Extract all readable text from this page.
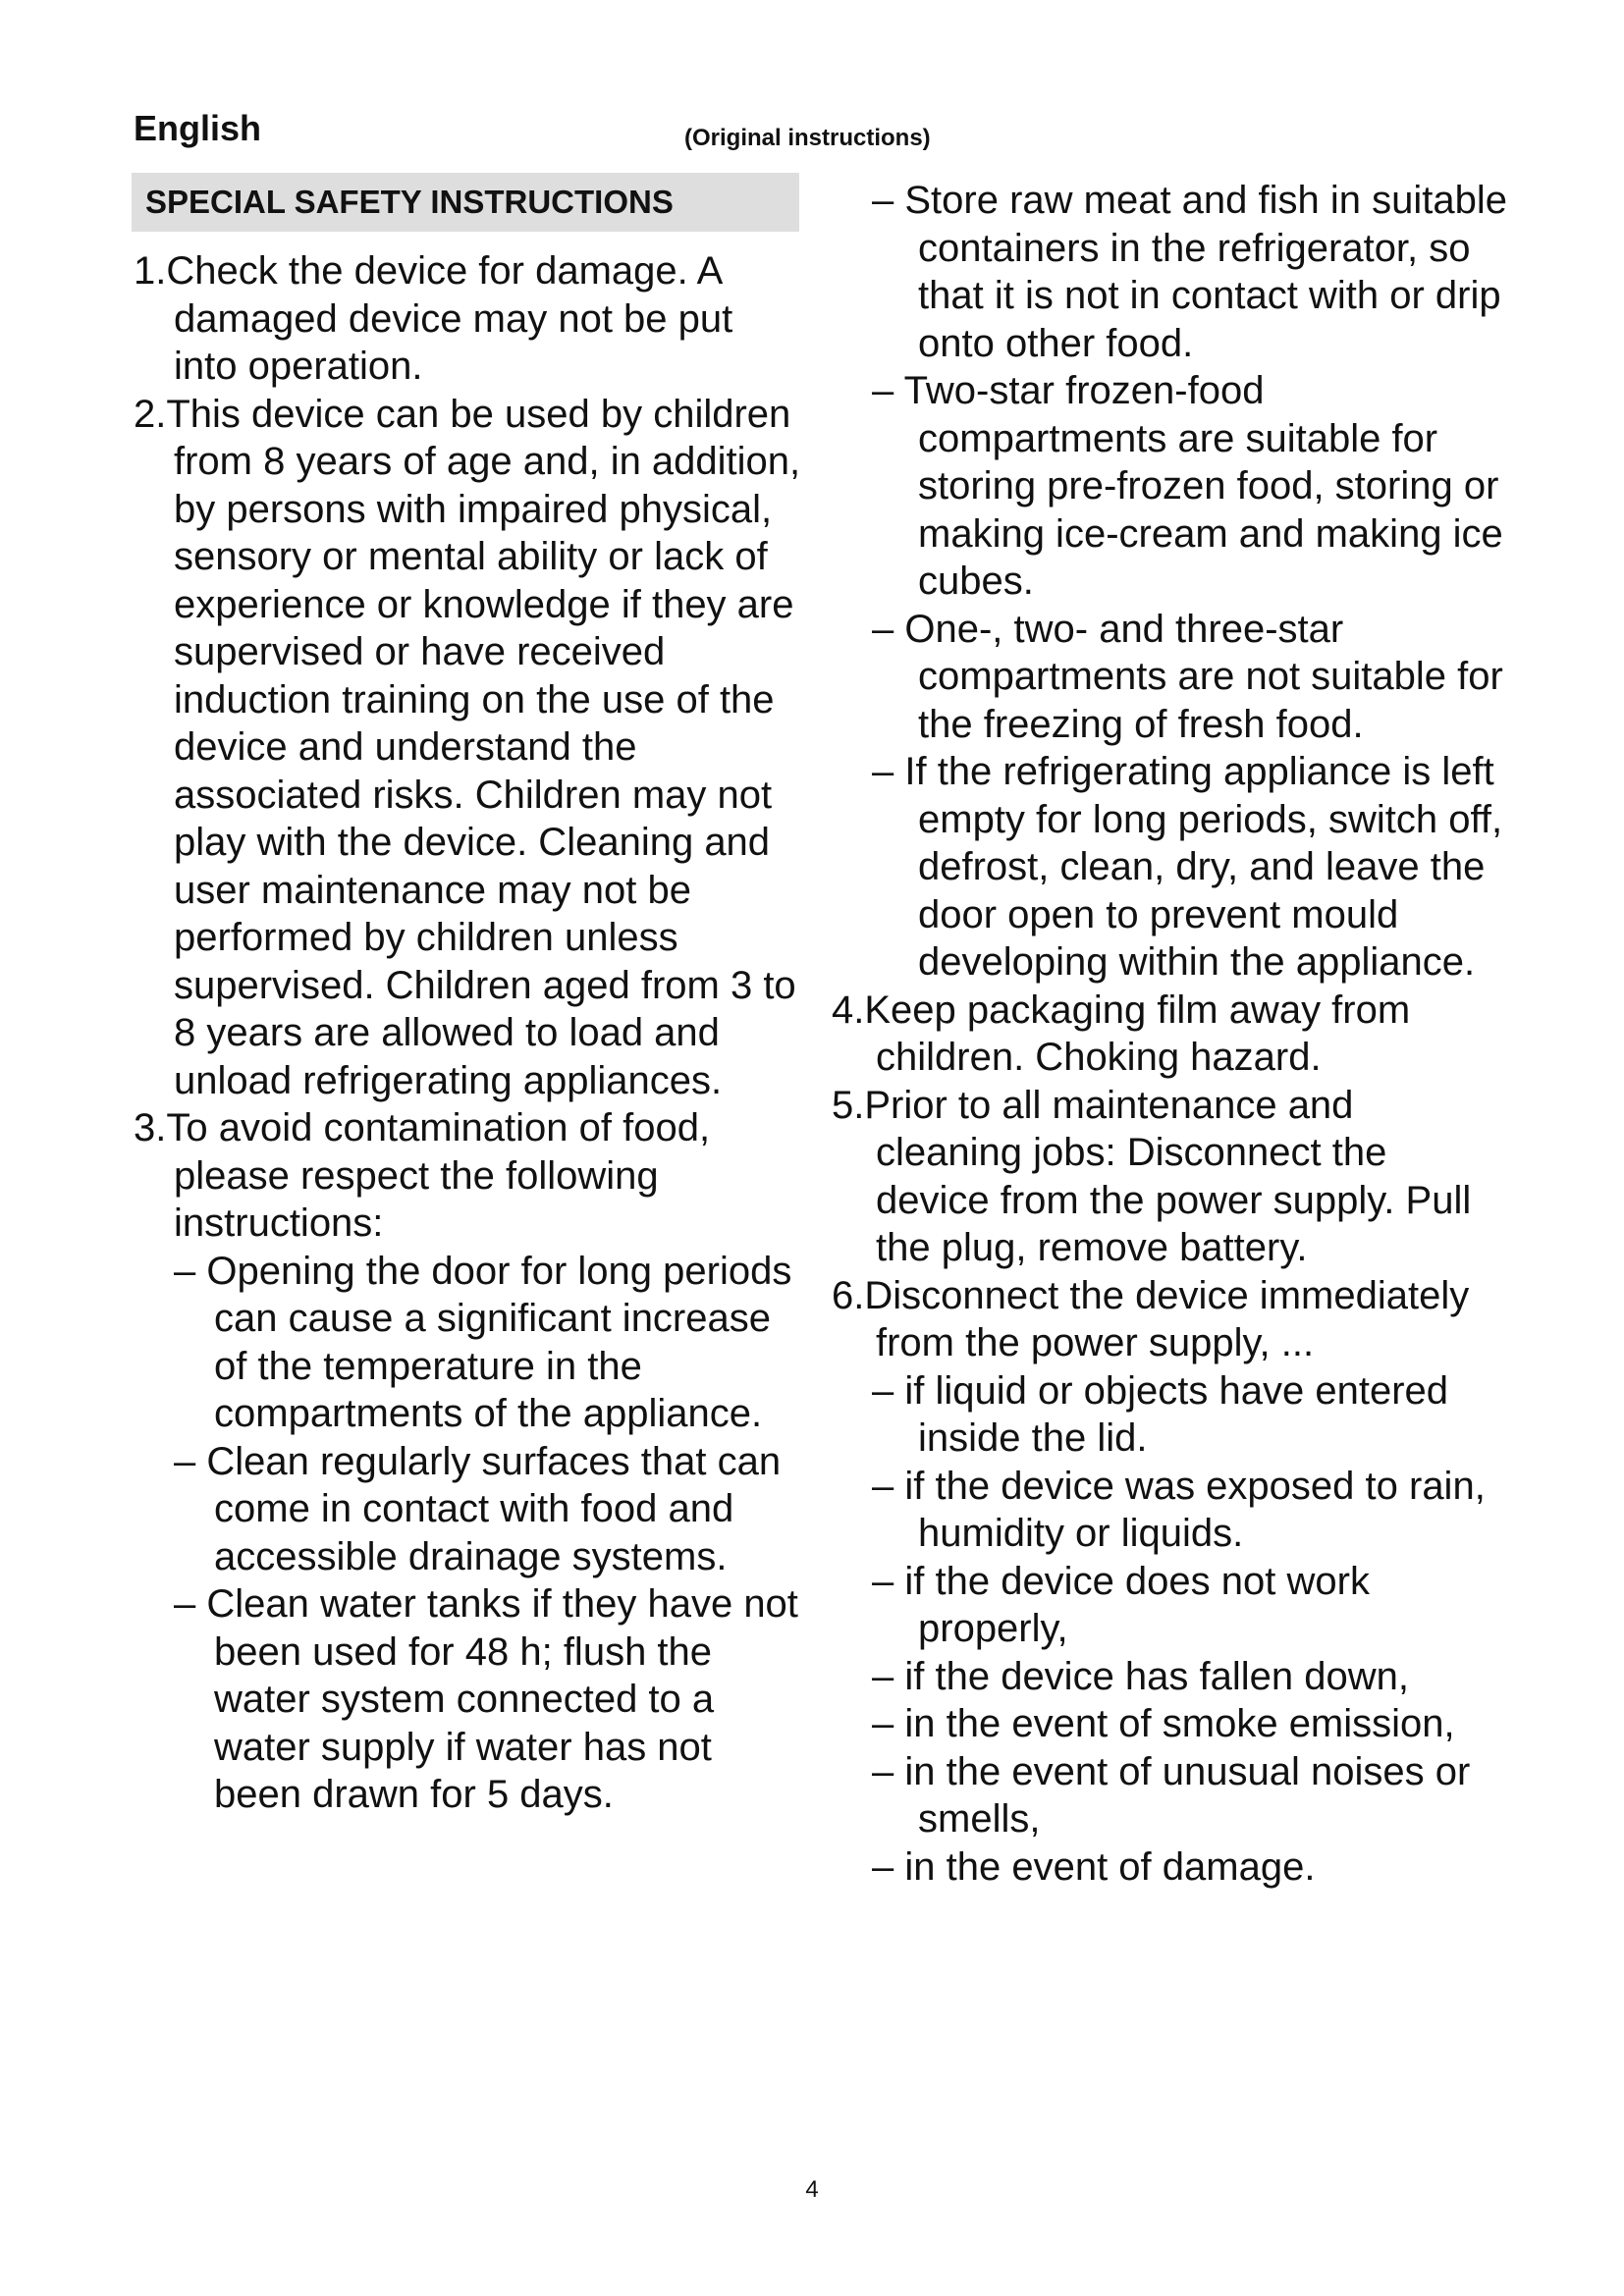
English	(Original instructions)
SPECIAL SAFETY INSTRUCTIONS
1.Check the device for damage. A damaged device may not be put into operation.
2.This device can be used by children from 8 years of age and, in addition, by persons with impaired physical, sensory or mental ability or lack of experience or knowledge if they are supervised or have received induction training on the use of the device and understand the associated risks. Children may not play with the device. Cleaning and user maintenance may not be performed by children unless supervised. Children aged from 3 to 8 years are allowed to load and unload refrigerating appliances.
3.To avoid contamination of food, please respect the following instructions:
– Opening the door for long periods can cause a significant increase of the temperature in the compartments of the appliance.
– Clean regularly surfaces that can come in contact with food and accessible drainage systems.
– Clean water tanks if they have not been used for 48 h; flush the water system connected to a water supply if water has not been drawn for 5 days.
– Store raw meat and fish in suitable containers in the refrigerator, so that it is not in contact with or drip onto other food.
– Two-star frozen-food compartments are suitable for storing pre-frozen food, storing or making ice-cream and making ice cubes.
– One-, two- and three-star compartments are not suitable for the freezing of fresh food.
– If the refrigerating appliance is left empty for long periods, switch off, defrost, clean, dry, and leave the door open to prevent mould developing within the appliance.
4.Keep packaging film away from children. Choking hazard.
5.Prior to all maintenance and cleaning jobs: Disconnect the device from the power supply. Pull the plug, remove battery.
6.Disconnect the device immediately from the power supply, ...
– if liquid or objects have entered inside the lid.
– if the device was exposed to rain, humidity or liquids.
– if the device does not work properly,
– if the device has fallen down,
– in the event of smoke emission,
– in the event of unusual noises or smells,
– in the event of damage.
4
